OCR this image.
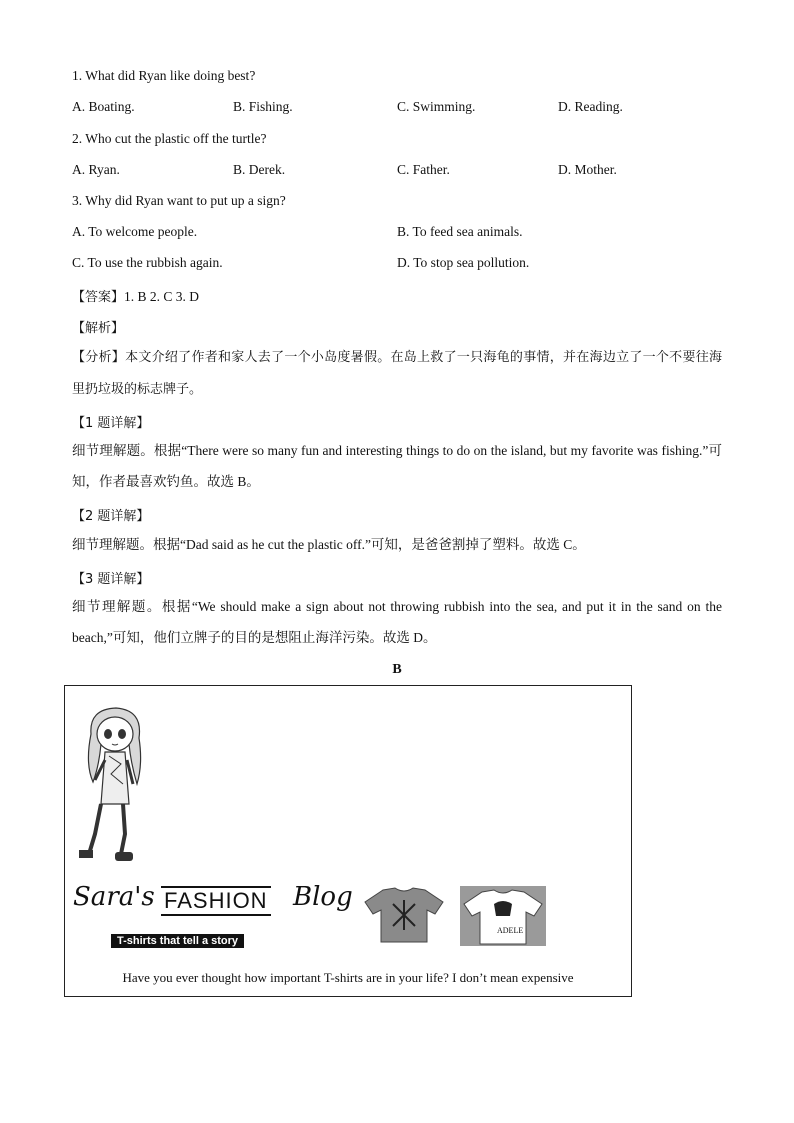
1. What did Ryan like doing best?
A. Boating.	B. Fishing.	C. Swimming.	D. Reading.
2. Who cut the plastic off the turtle?
A. Ryan.	B. Derek.	C. Father.	D. Mother.
3. Why did Ryan want to put up a sign?
A. To welcome people.	B. To feed sea animals.
C. To use the rubbish again.	D. To stop sea pollution.
【答案】1. B 2. C 3. D
【解析】
【分析】本文介绍了作者和家人去了一个小岛度暑假。在岛上救了一只海龟的事情，并在海边立了一个不要往海里扔垃圾的标志牌子。
【1 题详解】
细节理解题。根据“There were so many fun and interesting things to do on the island, but my favorite was fishing.”可知，作者最喜欢钓鱼。故选 B。
【2 题详解】
细节理解题。根据“Dad said as he cut the plastic off.”可知，是爸爸割掉了塑料。故选 C。
【3 题详解】
细节理解题。根据“We should make a sign about not throwing rubbish into the sea, and put it in the sand on the beach,”可知，他们立牌子的目的是想阻止海洋污染。故选 D。
B
Sara's FASHION Blog
T-shirts that tell a story
ADELE
Have you ever thought how important T-shirts are in your life? I don’t mean expensive
